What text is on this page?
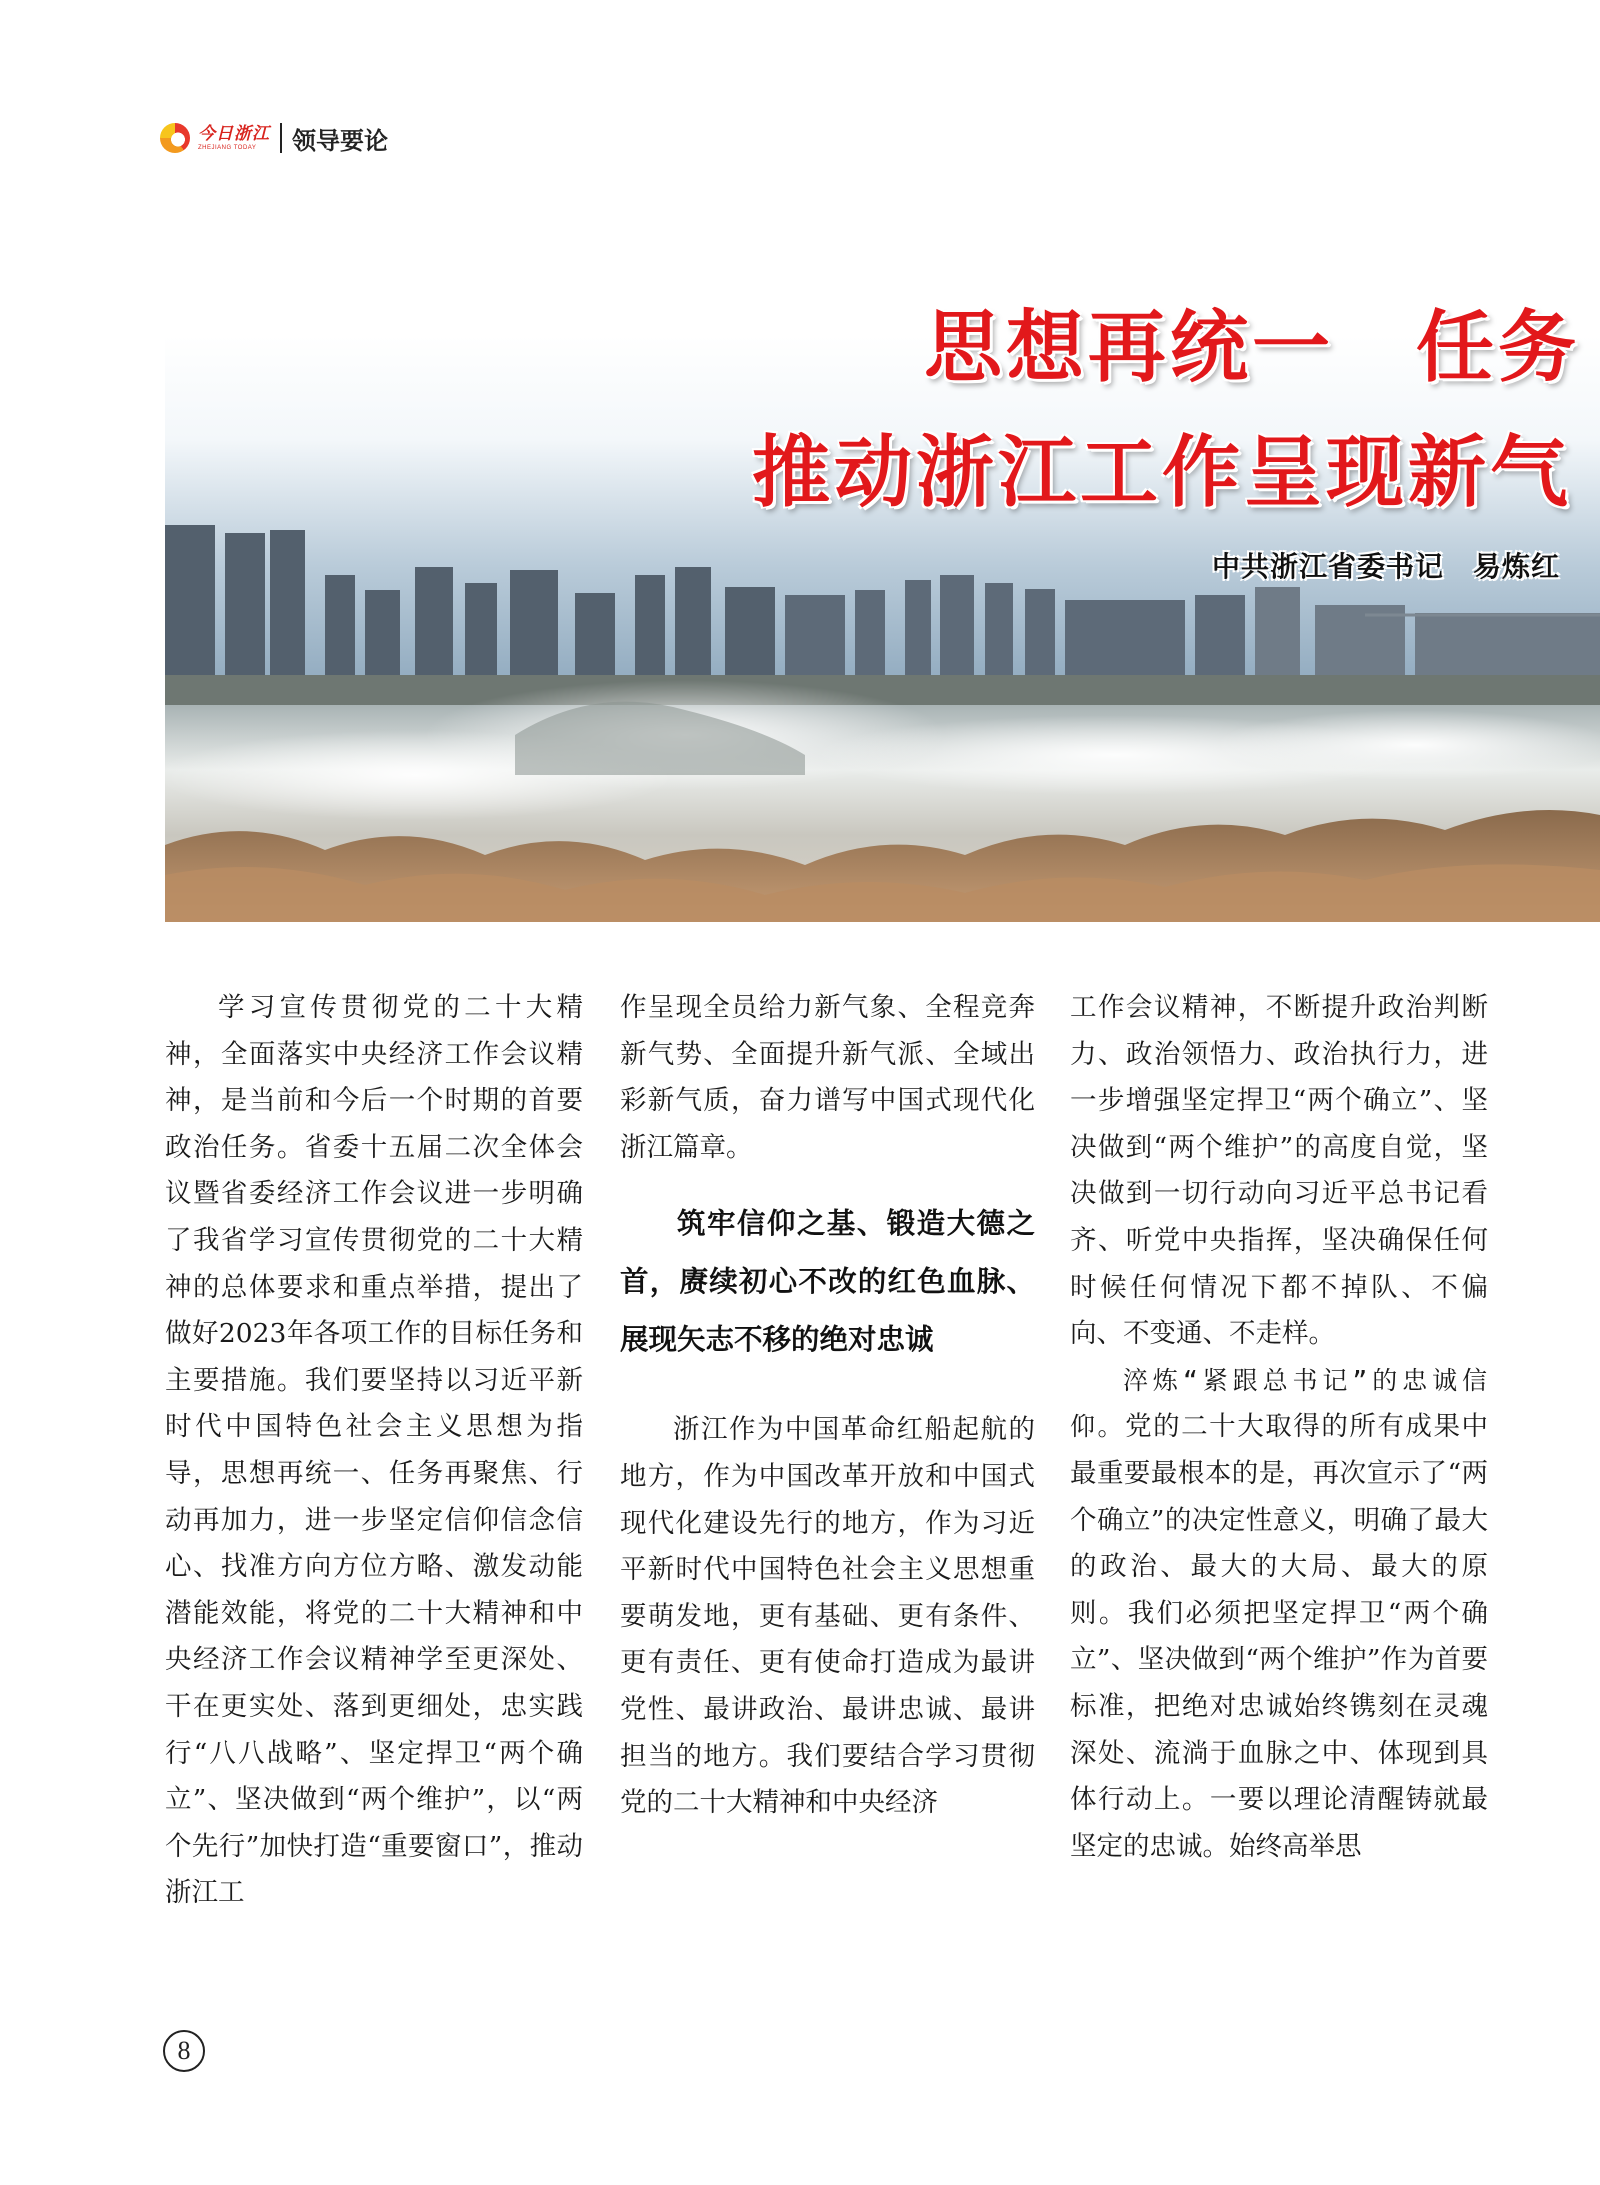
今日浙江
ZHEJIANG TODAY	领导要论
思想再统一　任务
推动浙江工作呈现新气
中共浙江省委书记　易炼红

学习宣传贯彻党的二十大精神，全面落实中央经济工作会议精神，是当前和今后一个时期的首要政治任务。省委十五届二次全体会议暨省委经济工作会议进一步明确了我省学习宣传贯彻党的二十大精神的总体要求和重点举措，提出了做好2023年各项工作的目标任务和主要措施。我们要坚持以习近平新时代中国特色社会主义思想为指导，思想再统一、任务再聚焦、行动再加力，进一步坚定信仰信念信心、找准方向方位方略、激发动能潜能效能，将党的二十大精神和中央经济工作会议精神学至更深处、干在更实处、落到更细处，忠实践行“八八战略”、坚定捍卫“两个确立”、坚决做到“两个维护”，以“两个先行”加快打造“重要窗口”，推动浙江工

作呈现全员给力新气象、全程竞奔新气势、全面提升新气派、全域出彩新气质，奋力谱写中国式现代化浙江篇章。

筑牢信仰之基、锻造大德之首，赓续初心不改的红色血脉、展现矢志不移的绝对忠诚

浙江作为中国革命红船起航的地方，作为中国改革开放和中国式现代化建设先行的地方，作为习近平新时代中国特色社会主义思想重要萌发地，更有基础、更有条件、更有责任、更有使命打造成为最讲党性、最讲政治、最讲忠诚、最讲担当的地方。我们要结合学习贯彻党的二十大精神和中央经济

工作会议精神，不断提升政治判断力、政治领悟力、政治执行力，进一步增强坚定捍卫“两个确立”、坚决做到“两个维护”的高度自觉，坚决做到一切行动向习近平总书记看齐、听党中央指挥，坚决确保任何时候任何情况下都不掉队、不偏向、不变通、不走样。

淬炼“紧跟总书记”的忠诚信仰。党的二十大取得的所有成果中最重要最根本的是，再次宣示了“两个确立”的决定性意义，明确了最大的政治、最大的大局、最大的原则。我们必须把坚定捍卫“两个确立”、坚决做到“两个维护”作为首要标准，把绝对忠诚始终镌刻在灵魂深处、流淌于血脉之中、体现到具体行动上。一要以理论清醒铸就最坚定的忠诚。始终高举思

8
